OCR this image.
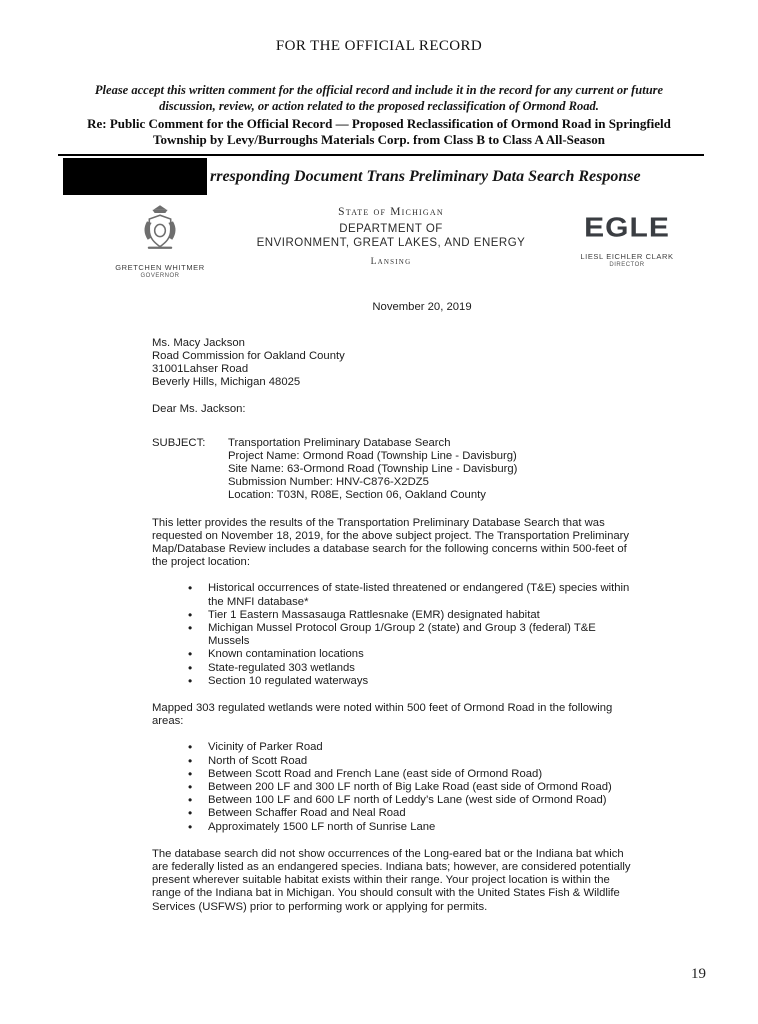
FOR THE OFFICIAL RECORD
Please accept this written comment for the official record and include it in the record for any current or future
discussion, review, or action related to the proposed reclassification of Ormond Road.
Re: Public Comment for the Official Record — Proposed Reclassification of Ormond Road in Springfield
Township by Levy/Burroughs Materials Corp. from Class B to Class A All-Season
rresponding Document Trans Preliminary Data Search Response
GRETCHEN WHITMER
GOVERNOR
State of Michigan
DEPARTMENT OF
ENVIRONMENT, GREAT LAKES, AND ENERGY
Lansing
EGLE
LIESL EICHLER CLARK
DIRECTOR
November 20, 2019
Ms. Macy Jackson
Road Commission for Oakland County
31001Lahser Road
Beverly Hills, Michigan 48025
Dear Ms. Jackson:
SUBJECT:	Transportation Preliminary Database Search
Project Name: Ormond Road (Township Line - Davisburg)
Site Name: 63-Ormond Road (Township Line - Davisburg)
Submission Number: HNV-C876-X2DZ5
Location: T03N, R08E, Section 06, Oakland County
This letter provides the results of the Transportation Preliminary Database Search that was requested on November 18, 2019, for the above subject project. The Transportation Preliminary Map/Database Review includes a database search for the following concerns within 500-feet of the project location:
• Historical occurrences of state-listed threatened or endangered (T&E) species within the MNFI database*
• Tier 1 Eastern Massasauga Rattlesnake (EMR) designated habitat
• Michigan Mussel Protocol Group 1/Group 2 (state) and Group 3 (federal) T&E Mussels
• Known contamination locations
• State-regulated 303 wetlands
• Section 10 regulated waterways
Mapped 303 regulated wetlands were noted within 500 feet of Ormond Road in the following areas:
• Vicinity of Parker Road
• North of Scott Road
• Between Scott Road and French Lane (east side of Ormond Road)
• Between 200 LF and 300 LF north of Big Lake Road (east side of Ormond Road)
• Between 100 LF and 600 LF north of Leddy’s Lane (west side of Ormond Road)
• Between Schaffer Road and Neal Road
• Approximately 1500 LF north of Sunrise Lane
The database search did not show occurrences of the Long-eared bat or the Indiana bat which are federally listed as an endangered species. Indiana bats; however, are considered potentially present wherever suitable habitat exists within their range. Your project location is within the range of the Indiana bat in Michigan. You should consult with the United States Fish & Wildlife Services (USFWS) prior to performing work or applying for permits.
19
